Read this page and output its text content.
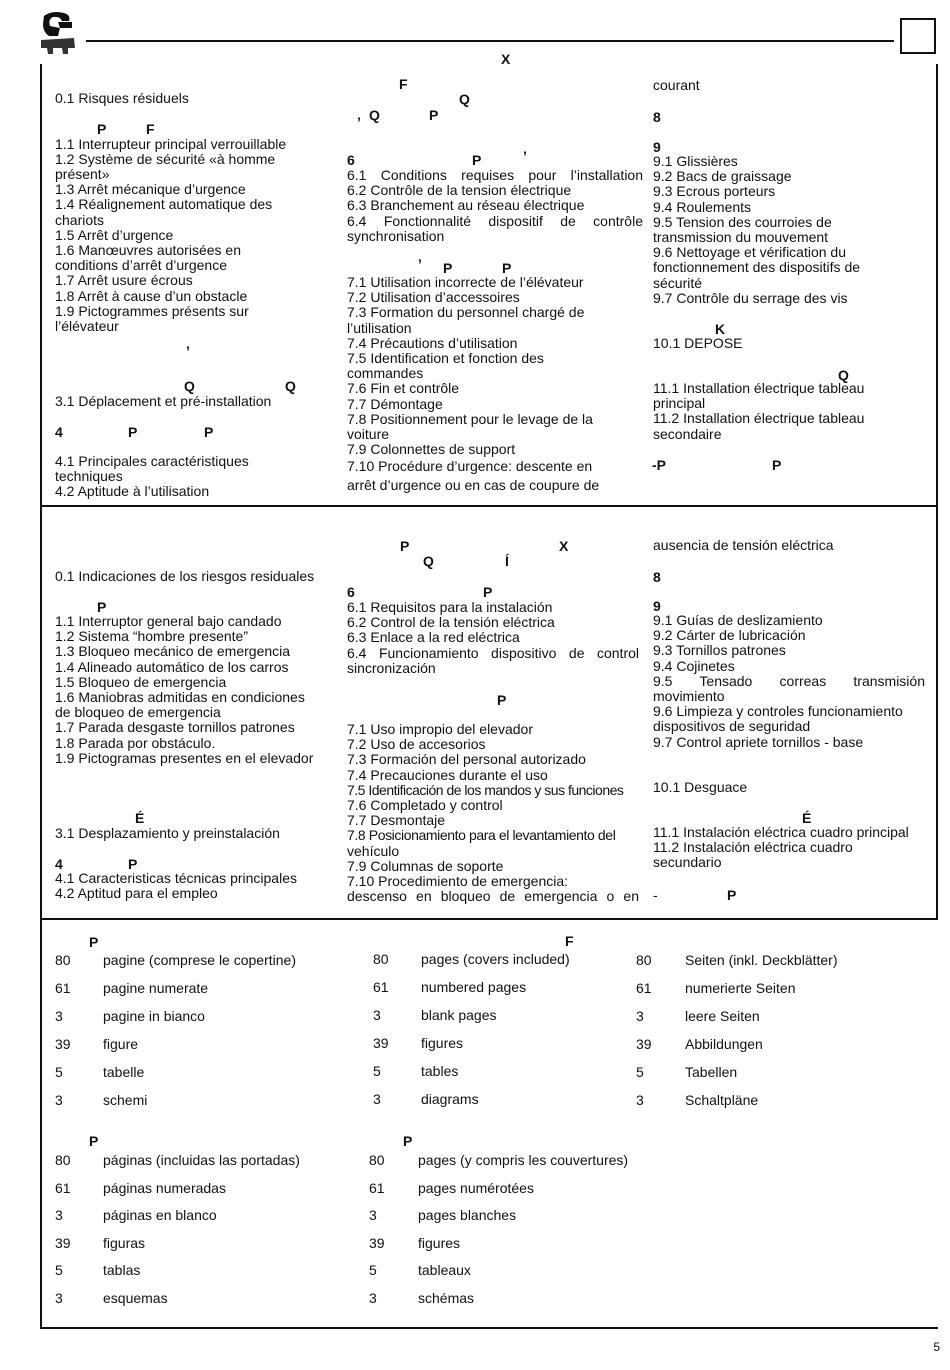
X
0.1 Risques résiduels
1.1 Interrupteur principal verrouillable
1.2 Système de sécurité «à homme
présent»
1.3 Arrêt mécanique d’urgence
1.4 Réalignement automatique des
chariots
1.5 Arrêt d’urgence
1.6 Manœuvres autorisées en
conditions d’arrêt d’urgence
1.7 Arrêt usure écrous
1.8 Arrêt à cause d’un obstacle
1.9 Pictogrammes présents sur
l’élévateur
P	F
’
Q	Q
3.1 Déplacement et pré-installation
4	P	P
4.1 Principales caractéristiques
techniques
4.2 Aptitude à l’utilisation
F
Q
’ Q	P
6	P	’
6.1 Conditions requises pour l’installation
6.2 Contrôle de la tension électrique
6.3 Branchement au réseau électrique
6.4 Fonctionnalité dispositif de contrôle
synchronisation
’ P	P
7.1 Utilisation incorrecte de l’élévateur
7.2 Utilisation d’accessoires
7.3 Formation du personnel chargé de
l’utilisation
7.4 Précautions d’utilisation
7.5 Identification et fonction des
commandes
7.6 Fin et contrôle
7.7 Démontage
7.8 Positionnement pour le levage de la
voiture
7.9 Colonnettes de support
7.10 Procédure d’urgence: descente en
arrêt d’urgence ou en cas de coupure de
courant
8
9
9.1 Glissières
9.2 Bacs de graissage
9.3 Ecrous porteurs
9.4 Roulements
9.5 Tension des courroies de
transmission du mouvement
9.6 Nettoyage et vérification du
fonctionnement des dispositifs de
sécurité
9.7 Contrôle du serrage des vis
K
10.1 DEPOSE
Q
11.1 Installation électrique tableau
principal
11.2 Installation électrique tableau
secondaire
-P	P
P	X
Q	Í
0.1 Indicaciones de los riesgos residuales
P
1.1 Interruptor general bajo candado
1.2 Sistema “hombre presente”
1.3 Bloqueo mecánico de emergencia
1.4 Alineado automático de los carros
1.5 Bloqueo de emergencia
1.6 Maniobras admitidas en condiciones
de bloqueo de emergencia
1.7 Parada desgaste tornillos patrones
1.8 Parada por obstáculo.
1.9 Pictogramas presentes en el elevador
É
3.1 Desplazamiento y preinstalación
4	P
4.1 Caracteristicas técnicas principales
4.2 Aptitud para el empleo
6	P
6.1 Requisitos para la instalación
6.2 Control de la tensión eléctrica
6.3 Enlace a la red eléctrica
6.4 Funcionamiento dispositivo de control
sincronización
P
7.1 Uso impropio del elevador
7.2 Uso de accesorios
7.3 Formación del personal autorizado
7.4 Precauciones durante el uso
7.5 Identificación de los mandos y sus funciones
7.6 Completado y control
7.7 Desmontaje
7.8 Posicionamiento para el levantamiento del
vehículo
7.9 Columnas de soporte
7.10 Procedimiento de emergencia:
descenso en bloqueo de emergencia o en
ausencia de tensión eléctrica
8
9
9.1 Guías de deslizamiento
9.2 Cárter de lubricación
9.3 Tornillos patrones
9.4 Cojinetes
9.5 Tensado correas transmisión
movimiento
9.6 Limpieza y controles funcionamiento
dispositivos de seguridad
9.7 Control apriete tornillos - base
10.1 Desguace
É
11.1 Instalación eléctrica cuadro principal
11.2 Instalación eléctrica cuadro
secundario
-	P
P	F
80 pagine (comprese le copertine)
61 pagine numerate
3	pagine in bianco
39 figure
5	tabelle
3	schemi
80 pages (covers included)
61 numbered pages
3	blank pages
39 figures
5	tables
3	diagrams
80 Seiten (inkl. Deckblätter)
61 numerierte Seiten
3	leere Seiten
39 Abbildungen
5	Tabellen
3	Schaltpläne
P	P
80 páginas (incluidas las portadas)
61 páginas numeradas
3	páginas en blanco
39 figuras
5	tablas
3	esquemas
80 pages (y compris les couvertures)
61 pages numérotées
3	pages blanches
39 figures
5	tableaux
3	schémas
5
